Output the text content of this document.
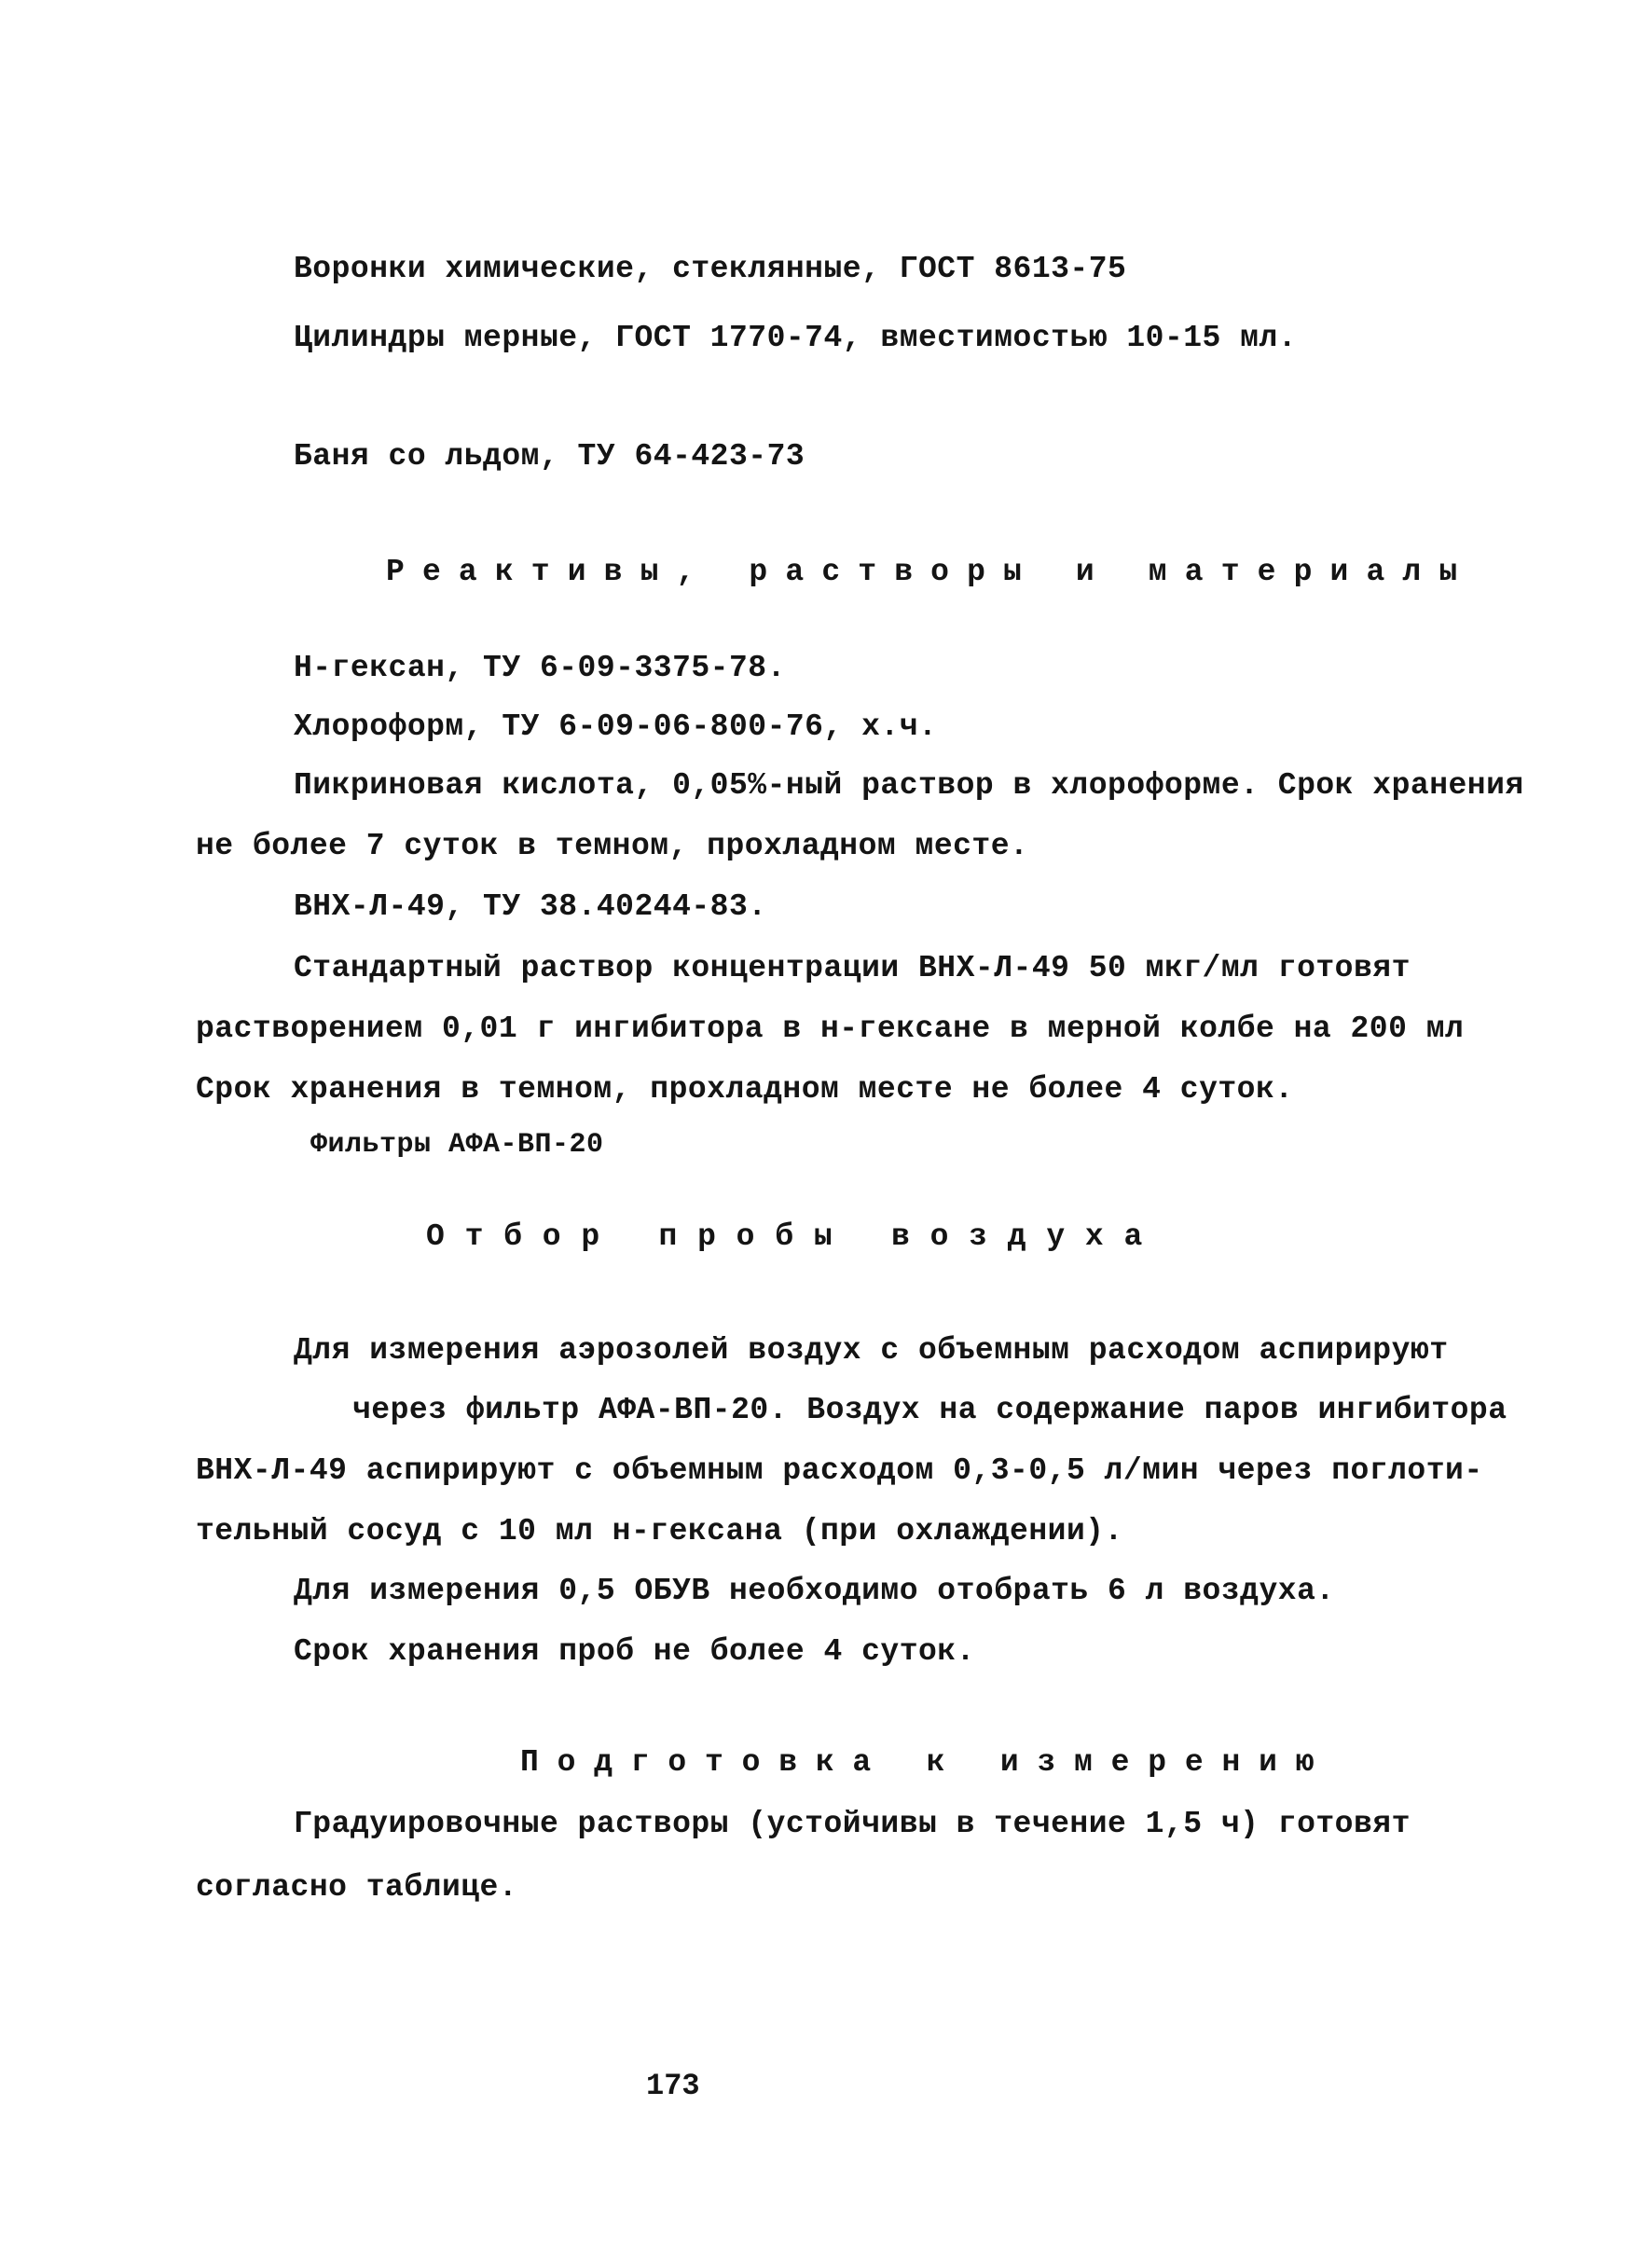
Воронки химические, стеклянные, ГОСТ 8613-75
Цилиндры мерные, ГОСТ 1770-74, вместимостью 10-15 мл.
Баня со льдом, ТУ 64-423-73
Реактивы, растворы и материалы
Н-гексан, ТУ 6-09-3375-78.
Хлороформ, ТУ 6-09-06-800-76, х.ч.
Пикриновая кислота, 0,05%-ный раствор в хлороформе. Срок хранения
не более 7 суток в темном, прохладном месте.
ВНХ-Л-49, ТУ 38.40244-83.
Стандартный раствор концентрации ВНХ-Л-49 50 мкг/мл готовят
растворением 0,01 г ингибитора в н-гексане в мерной колбе на 200 мл
Срок хранения в темном, прохладном месте не более 4 суток.
Фильтры АФА-ВП-20
Отбор пробы воздуха
Для измерения аэрозолей воздух с объемным расходом аспирируют
через фильтр АФА-ВП-20. Воздух на содержание паров ингибитора
ВНХ-Л-49 аспирируют с объемным расходом 0,3-0,5 л/мин через поглоти-
тельный сосуд с 10 мл н-гексана (при охлаждении).
Для измерения 0,5 ОБУВ необходимо отобрать 6 л воздуха.
Срок хранения проб не более 4 суток.
Подготовка к измерению
Градуировочные растворы (устойчивы в течение 1,5 ч) готовят
согласно таблице.
173
